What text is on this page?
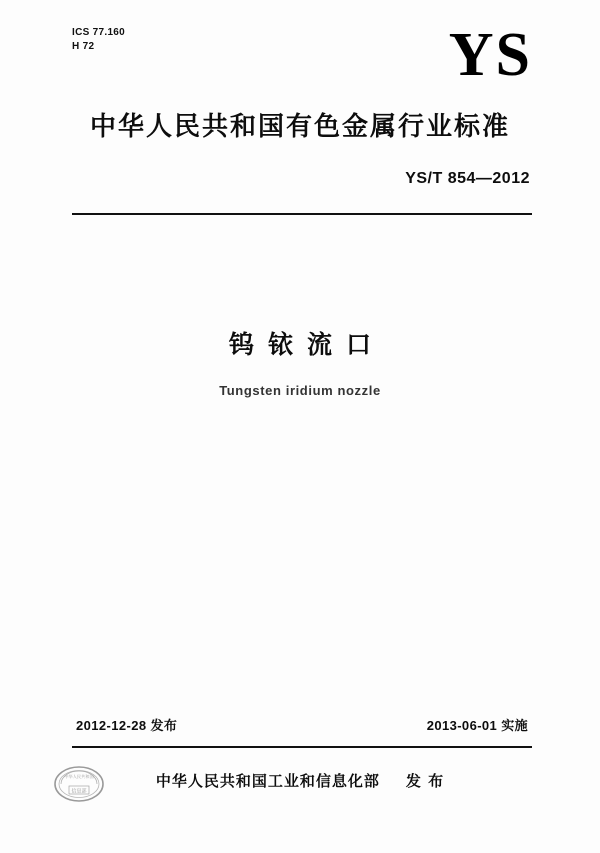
ICS 77.160
H 72	YS
中华人民共和国有色金属行业标准
YS/T 854—2012
钨铱流口
Tungsten iridium nozzle
2012-12-28 发布	2013-06-01 实施
中华人民共和国工业和信息化部 发 布
中华人民共和国
信息部
